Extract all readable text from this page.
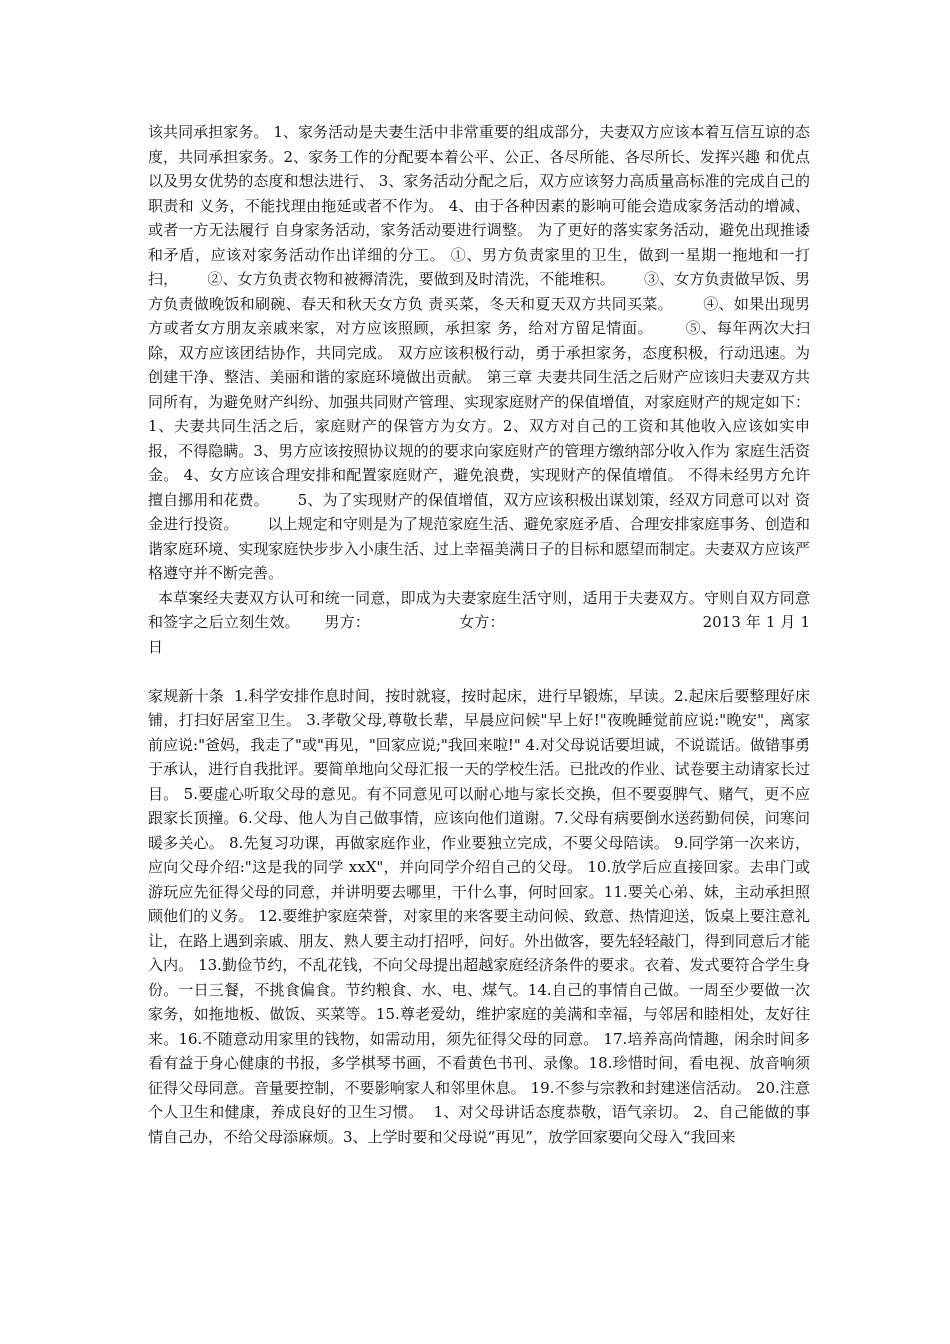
该共同承担家务。 1、家务活动是夫妻生活中非常重要的组成部分，夫妻双方应该本着互信互谅的态度，共同承担家务。2、家务工作的分配要本着公平、公正、各尽所能、各尽所长、发挥兴趣 和优点以及男女优势的态度和想法进行、 3、家务活动分配之后，双方应该努力高质量高标准的完成自己的职责和 义务，不能找理由拖延或者不作为。 4、由于各种因素的影响可能会造成家务活动的增减、或者一方无法履行 自身家务活动，家务活动要进行调整。 为了更好的落实家务活动，避免出现推诿和矛盾，应该对家务活动作出详细的分工。 ①、男方负责家里的卫生，做到一星期一拖地和一打扫，      ②、女方负责衣物和被褥清洗，要做到及时清洗，不能堆积。      ③、女方负责做早饭、男方负责做晚饭和刷碗、春天和秋天女方负 责买菜，冬天和夏天双方共同买菜。      ④、如果出现男方或者女方朋友亲戚来家，对方应该照顾，承担家 务，给对方留足情面。      ⑤、每年两次大扫除，双方应该团结协作，共同完成。 双方应该积极行动，勇于承担家务，态度积极，行动迅速。为 创建干净、整洁、美丽和谐的家庭环境做出贡献。 第三章 夫妻共同生活之后财产应该归夫妻双方共同所有，为避免财产纠纷、加强共同财产管理、实现家庭财产的保值增值，对家庭财产的规定如下： 1、夫妻共同生活之后，家庭财产的保管方为女方。2、双方对自己的工资和其他收入应该如实申报，不得隐瞒。3、男方应该按照协议规的的要求向家庭财产的管理方缴纳部分收入作为 家庭生活资金。 4、女方应该合理安排和配置家庭财产，避免浪费，实现财产的保值增值。 不得未经男方允许擅自挪用和花费。      5、为了实现财产的保值增值，双方应该积极出谋划策，经双方同意可以对 资金进行投资。      以上规定和守则是为了规范家庭生活、避免家庭矛盾、合理安排家庭事务、创造和谐家庭环境、实现家庭快步步入小康生活、过上幸福美满日子的目标和愿望而制定。夫妻双方应该严格遵守并不断完善。

本草案经夫妻双方认可和统一同意，即成为夫妻家庭生活守则，适用于夫妻双方。守则自双方同意和签字之后立刻生效。     男方：                  女方：                                        2013 年 1 月 1 日

家规新十条  1.科学安排作息时间，按时就寝，按时起床，进行早锻炼，早读。2.起床后要整理好床铺，打扫好居室卫生。 3.孝敬父母,尊敬长辈，早晨应问候"早上好!"夜晚睡觉前应说:"晚安"，离家前应说:"爸妈，我走了"或"再见，"回家应说;"我回来啦!" 4.对父母说话要坦诚，不说谎话。做错事勇于承认，进行自我批评。要简单地向父母汇报一天的学校生活。已批改的作业、试卷要主动请家长过目。 5.要虚心听取父母的意见。有不同意见可以耐心地与家长交换，但不要耍脾气、赌气，更不应跟家长顶撞。6.父母、他人为自己做事情，应该向他们道谢。7.父母有病要倒水送药勤伺侯，问寒问暖多关心。 8.先复习功课，再做家庭作业，作业要独立完成，不要父母陪读。 9.同学第一次来访，应向父母介绍:"这是我的同学 xxX"，并向同学介绍自己的父母。 10.放学后应直接回家。去串门或游玩应先征得父母的同意，并讲明要去哪里，干什么事，何时回家。11.要关心弟、妹，主动承担照顾他们的义务。 12.要维护家庭荣誉，对家里的来客要主动问候、致意、热情迎送，饭桌上要注意礼让，在路上遇到亲戚、朋友、熟人要主动打招呼，问好。外出做客，要先轻轻敲门，得到同意后才能入内。 13.勤俭节约，不乱花钱，不向父母提出超越家庭经济条件的要求。衣着、发式要符合学生身份。一日三餐，不挑食偏食。节约粮食、水、电、煤气。14.自己的事情自己做。一周至少要做一次家务，如拖地板、做饭、买菜等。15.尊老爱幼，维护家庭的美满和幸福，与邻居和睦相处，友好往来。16.不随意动用家里的钱物，如需动用，须先征得父母的同意。 17.培养高尚情趣，闲余时间多看有益于身心健康的书报，多学棋琴书画，不看黄色书刊、录像。18.珍惜时间，看电视、放音响须征得父母同意。音量要控制，不要影响家人和邻里休息。 19.不参与宗教和封建迷信活动。 20.注意个人卫生和健康，养成良好的卫生习惯。  1、对父母讲话态度恭敬，语气亲切。 2、自己能做的事情自己办，不给父母添麻烦。3、上学时要和父母说“再见”，放学回家要向父母入“我回来
